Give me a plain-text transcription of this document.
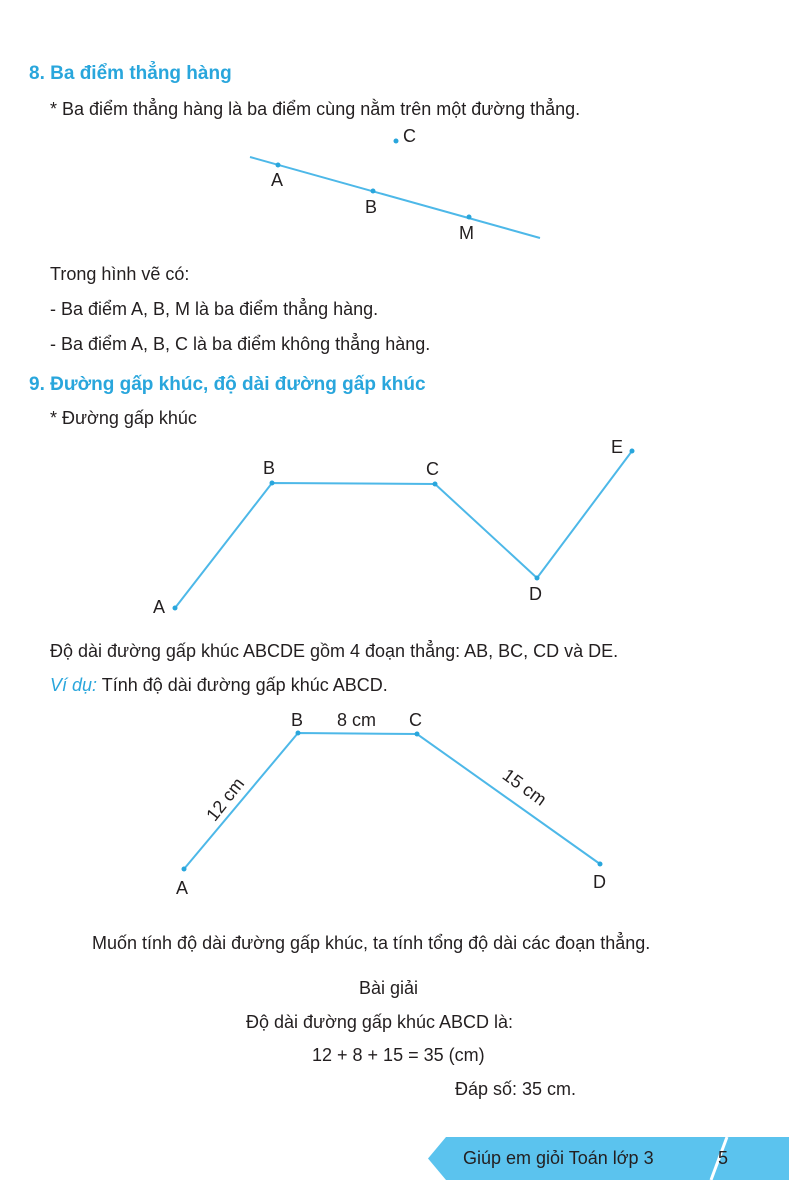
8. Ba điểm thẳng hàng
* Ba điểm thẳng hàng là ba điểm cùng nằm trên một đường thẳng.
A
B
M
C
Trong hình vẽ có:
- Ba điểm A, B, M là ba điểm thẳng hàng.
- Ba điểm A, B, C là ba điểm không thẳng hàng.
9. Đường gấp khúc, độ dài đường gấp khúc
* Đường gấp khúc
A
B	C
D
E
Độ dài đường gấp khúc ABCDE gồm 4 đoạn thẳng: AB, BC, CD và DE.
Ví dụ: Tính độ dài đường gấp khúc ABCD.
12 cm	15 cm
A
B 8 cm C
D
Muốn tính độ dài đường gấp khúc, ta tính tổng độ dài các đoạn thẳng.
Bài giải
Độ dài đường gấp khúc ABCD là:
12 + 8 + 15 = 35 (cm)
Đáp số: 35 cm.
Giúp em giỏi Toán lớp 3	5
